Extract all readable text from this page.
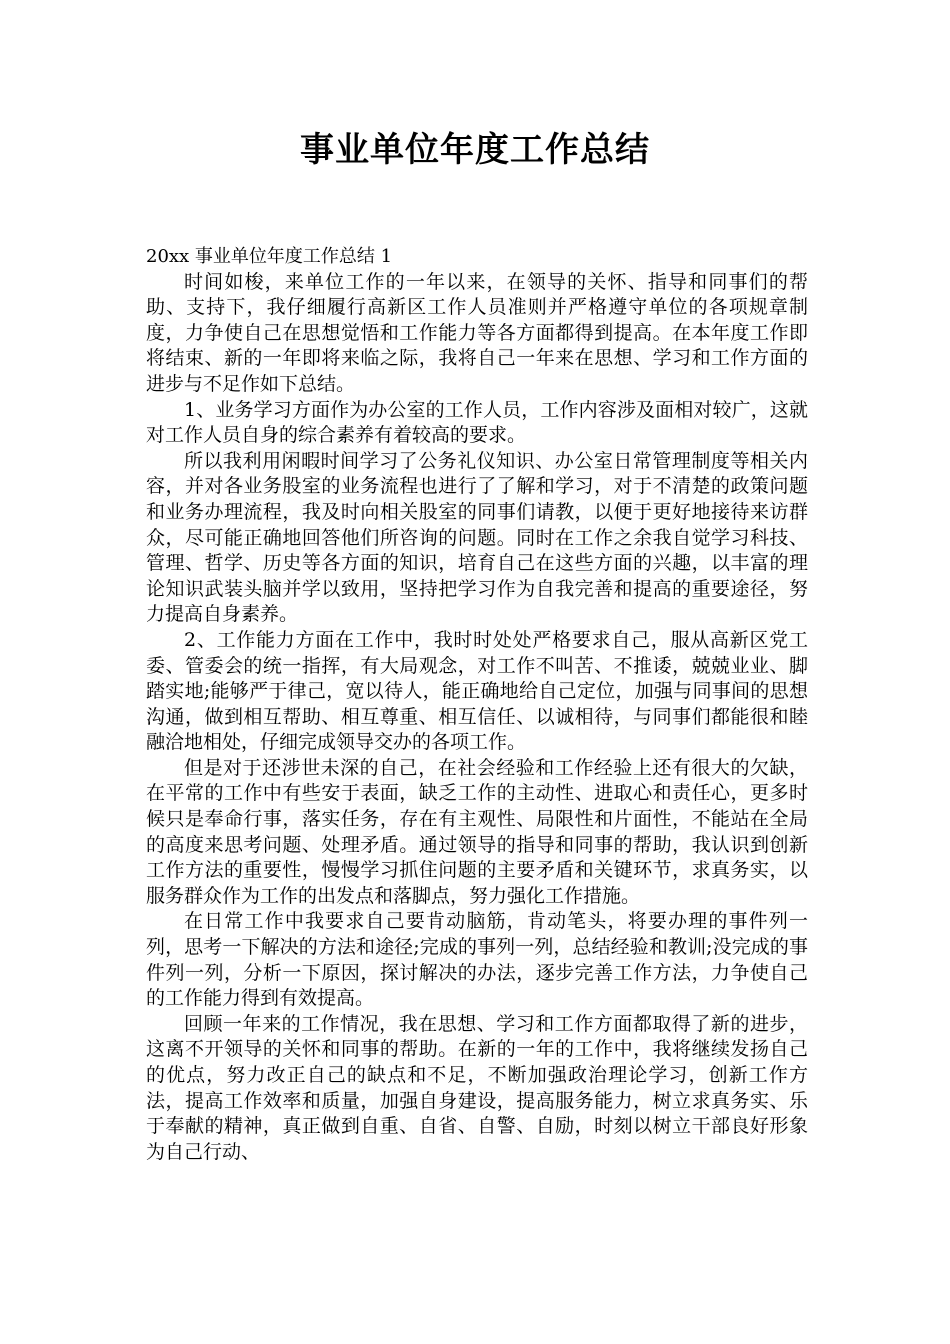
事业单位年度工作总结

20xx 事业单位年度工作总结 1

时间如梭，来单位工作的一年以来，在领导的关怀、指导和同事们的帮助、支持下，我仔细履行高新区工作人员准则并严格遵守单位的各项规章制度，力争使自己在思想觉悟和工作能力等各方面都得到提高。在本年度工作即将结束、新的一年即将来临之际，我将自己一年来在思想、学习和工作方面的进步与不足作如下总结。

1、业务学习方面作为办公室的工作人员，工作内容涉及面相对较广，这就对工作人员自身的综合素养有着较高的要求。

所以我利用闲暇时间学习了公务礼仪知识、办公室日常管理制度等相关内容，并对各业务股室的业务流程也进行了了解和学习，对于不清楚的政策问题和业务办理流程，我及时向相关股室的同事们请教，以便于更好地接待来访群众，尽可能正确地回答他们所咨询的问题。同时在工作之余我自觉学习科技、管理、哲学、历史等各方面的知识，培育自己在这些方面的兴趣，以丰富的理论知识武装头脑并学以致用，坚持把学习作为自我完善和提高的重要途径，努力提高自身素养。

2、工作能力方面在工作中，我时时处处严格要求自己，服从高新区党工委、管委会的统一指挥，有大局观念，对工作不叫苦、不推诿，兢兢业业、脚踏实地;能够严于律己，宽以待人，能正确地给自己定位，加强与同事间的思想沟通，做到相互帮助、相互尊重、相互信任、以诚相待，与同事们都能很和睦融洽地相处，仔细完成领导交办的各项工作。

但是对于还涉世未深的自己，在社会经验和工作经验上还有很大的欠缺，在平常的工作中有些安于表面，缺乏工作的主动性、进取心和责任心，更多时候只是奉命行事，落实任务，存在有主观性、局限性和片面性，不能站在全局的高度来思考问题、处理矛盾。通过领导的指导和同事的帮助，我认识到创新工作方法的重要性，慢慢学习抓住问题的主要矛盾和关键环节，求真务实，以服务群众作为工作的出发点和落脚点，努力强化工作措施。

在日常工作中我要求自己要肯动脑筋，肯动笔头，将要办理的事件列一列，思考一下解决的方法和途径;完成的事列一列，总结经验和教训;没完成的事件列一列，分析一下原因，探讨解决的办法，逐步完善工作方法，力争使自己的工作能力得到有效提高。

回顾一年来的工作情况，我在思想、学习和工作方面都取得了新的进步，这离不开领导的关怀和同事的帮助。在新的一年的工作中，我将继续发扬自己的优点，努力改正自己的缺点和不足，不断加强政治理论学习，创新工作方法，提高工作效率和质量，加强自身建设，提高服务能力，树立求真务实、乐于奉献的精神，真正做到自重、自省、自警、自励，时刻以树立干部良好形象为自己行动、
